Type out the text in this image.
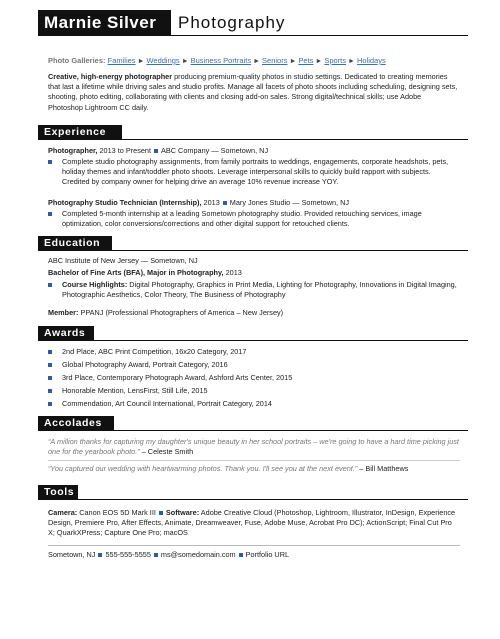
Marnie Silver	Photography
Photo Galleries: Families ► Weddings ► Business Portraits ► Seniors ► Pets ► Sports ► Holidays
Creative, high-energy photographer producing premium-quality photos in studio settings. Dedicated to creating memories that last a lifetime while driving sales and studio profits. Manage all facets of photo shoots including scheduling, designing sets, shooting, photo editing, collaborating with clients and closing add-on sales. Strong digital/technical skills; use Adobe Photoshop Lightroom CC daily.
Experience
Photographer, 2013 to Present ABC Company — Sometown, NJ
Complete studio photography assignments, from family portraits to weddings, engagements, corporate headshots, pets, holiday themes and infant/toddler photo shoots. Leverage interpersonal skills to quickly build rapport with subjects. Credited by company owner for helping drive an average 10% revenue increase YOY.
Photography Studio Technician (Internship), 2013 Mary Jones Studio — Sometown, NJ
Completed 5-month internship at a leading Sometown photography studio. Provided retouching services, image optimization, color conversions/corrections and other digital support for retouched clients.
Education
ABC Institute of New Jersey — Sometown, NJ
Bachelor of Fine Arts (BFA), Major in Photography, 2013
Course Highlights: Digital Photography, Graphics in Print Media, Lighting for Photography, Innovations in Digital Imaging, Photographic Aesthetics, Color Theory, The Business of Photography
Member: PPANJ (Professional Photographers of America – New Jersey)
Awards
2nd Place, ABC Print Competition, 16x20 Category, 2017
Global Photography Award, Portrait Category, 2016
3rd Place, Contemporary Photograph Award, Ashford Arts Center, 2015
Honorable Mention, LensFirst, Still Life, 2015
Commendation, Art Council International, Portrait Category, 2014
Accolades
“A million thanks for capturing my daughter's unique beauty in her school portraits – we're going to have a hard time picking just one for the yearbook photo.” – Celeste Smith
“You captured our wedding with heartwarming photos. Thank you. I'll see you at the next event.” – Bill Matthews
Tools
Camera: Canon EOS 5D Mark III Software: Adobe Creative Cloud (Photoshop, Lightroom, Illustrator, InDesign, Experience Design, Premiere Pro, After Effects, Animate, Dreamweaver, Fuse, Adobe Muse, Acrobat Pro DC); ActionScript; Final Cut Pro X; QuarkXPress; Capture One Pro; macOS
Sometown, NJ 555-555-5555 ms@somedomain.com Portfolio URL
